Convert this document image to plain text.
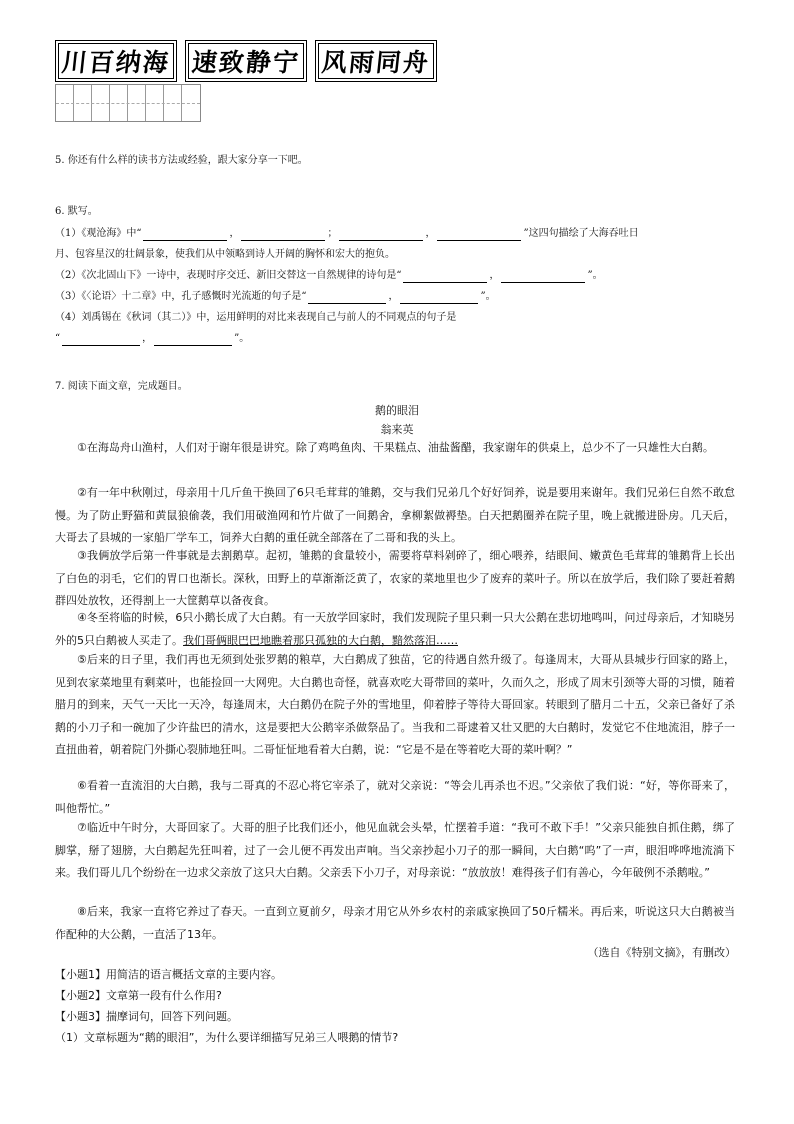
川百纳海 速致静宁 风雨同舟
5. 你还有什么样的读书方法或经验，跟大家分享一下吧。
6. 默写。
（1）《观沧海》中“	，	；	，	”这四句描绘了大海吞吐日
月、包容星汉的壮阔景象，使我们从中领略到诗人开阔的胸怀和宏大的抱负。
（2）《次北固山下》一诗中，表现时序交迁、新旧交替这一自然规律的诗句是“	，	”。
（3）《〈论语〉十二章》中，孔子感慨时光流逝的句子是“	，	”。
（4）刘禹锡在《秋词（其二）》中，运用鲜明的对比来表现自己与前人的不同观点的句子是
“	，	”。
7. 阅读下面文章，完成题目。
鹅的眼泪
翁来英
①在海岛舟山渔村，人们对于谢年很是讲究。除了鸡鸣鱼肉、干果糕点、油盐酱醋，我家谢年的供桌上，总少不了一只雄性大白鹅。
②有一年中秋刚过，母亲用十几斤鱼干换回了6只毛茸茸的雏鹅，交与我们兄弟几个好好饲养，说是要用来谢年。我们兄弟仨自然不敢怠慢。为了防止野猫和黄鼠狼偷袭，我们用破渔网和竹片做了一间鹅舍，拿柳絮做褥垫。白天把鹅圈养在院子里，晚上就搬进卧房。几天后，大哥去了县城的一家船厂学车工，饲养大白鹅的重任就全部落在了二哥和我的头上。
③我俩放学后第一件事就是去割鹅草。起初，雏鹅的食量较小，需要将草料剁碎了，细心喂养，结眼间、嫩黄色毛茸茸的雏鹅背上长出了白色的羽毛，它们的胃口也渐长。深秋，田野上的草渐渐泛黄了，农家的菜地里也少了废弃的菜叶子。所以在放学后，我们除了要赶着鹅群四处放牧，还得割上一大筐鹅草以备夜食。
④冬至将临的时候，6只小鹅长成了大白鹅。有一天放学回家时，我们发现院子里只剩一只大公鹅在悲切地鸣叫，问过母亲后，才知晓另外的5只白鹅被人买走了。我们哥俩眼巴巴地瞧着那只孤独的大白鹅，黯然落泪……
⑤后来的日子里，我们再也无须到处张罗鹅的粮草，大白鹅成了独苗，它的待遇自然升级了。每逢周末，大哥从县城步行回家的路上，见到农家菜地里有剩菜叶，也能捡回一大网兜。大白鹅也奇怪，就喜欢吃大哥带回的菜叶，久而久之，形成了周末引颈等大哥的习惯，随着腊月的到来，天气一天比一天冷，每逢周末，大白鹅仍在院子外的雪地里，仰着脖子等待大哥回家。转眼到了腊月二十五，父亲已备好了杀鹅的小刀子和一碗加了少许盐巴的清水，这是要把大公鹅宰杀做祭品了。当我和二哥逮着又壮又肥的大白鹅时，发觉它不住地流泪，脖子一直扭曲着，朝着院门外撕心裂肺地狂叫。二哥怔怔地看着大白鹅，说：“它是不是在等着吃大哥的菜叶啊？”
⑥看着一直流泪的大白鹅，我与二哥真的不忍心将它宰杀了，就对父亲说：“等会儿再杀也不迟。”父亲依了我们说：“好，等你哥来了，叫他帮忙。”
⑦临近中午时分，大哥回家了。大哥的胆子比我们还小，他见血就会头晕，忙摆着手道：“我可不敢下手！”父亲只能独自抓住鹅，绑了脚掌，掰了翅膀，大白鹅起先狂叫着，过了一会儿便不再发出声响。当父亲抄起小刀子的那一瞬间，大白鹅“呜”了一声，眼泪哗哗地流淌下来。我们哥儿几个纷纷在一边求父亲放了这只大白鹅。父亲丢下小刀子，对母亲说：“放放放！难得孩子们有善心，今年破例不杀鹅啦。”
⑧后来，我家一直将它养过了春天。一直到立夏前夕，母亲才用它从外乡农村的亲戚家换回了50斤糯米。再后来，听说这只大白鹅被当作配种的大公鹅，一直活了13年。
（选自《特别文摘》，有删改）
【小题1】用简洁的语言概括文章的主要内容。
【小题2】文章第一段有什么作用?
【小题3】揣摩词句，回答下列问题。
（1）文章标题为“鹅的眼泪”，为什么要详细描写兄弟三人喂鹅的情节?
